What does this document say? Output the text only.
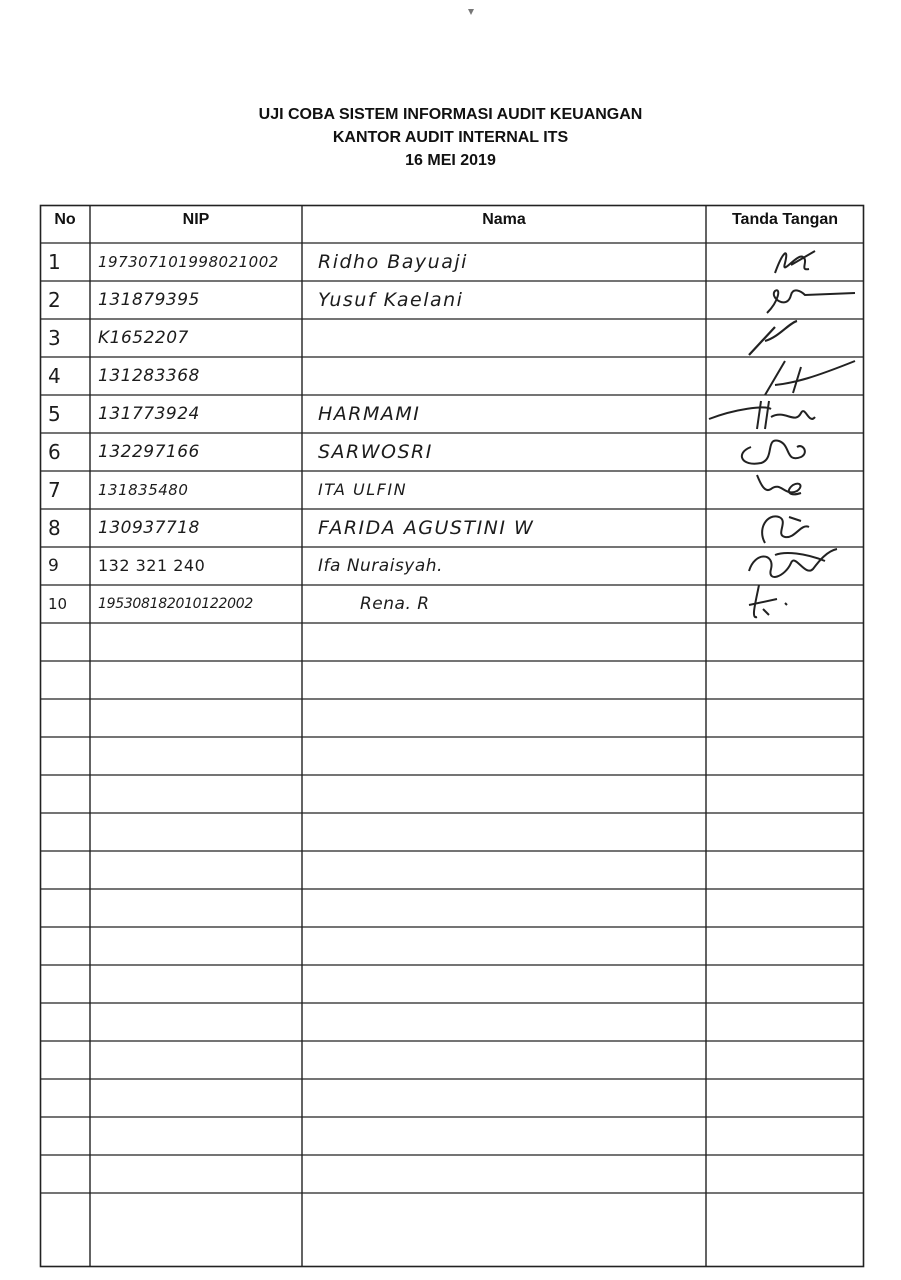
UJI COBA SISTEM INFORMASI AUDIT KEUANGAN
KANTOR AUDIT INTERNAL ITS
16 MEI 2019
No	NIP	Nama	Tanda Tangan
1	197307101998021002	Ridho Bayuaji
2	131879395	Yusuf Kaelani
3	K1652207
4	131283368
5	131773924	HARMAMI
6	132297166	SARWOSRI
7	131835480	ITA ULFIN
8	130937718	FARIDA AGUSTINI W
9	132 321 240	Ifa Nuraisyah.
10	195308182010122002	Rena. R
